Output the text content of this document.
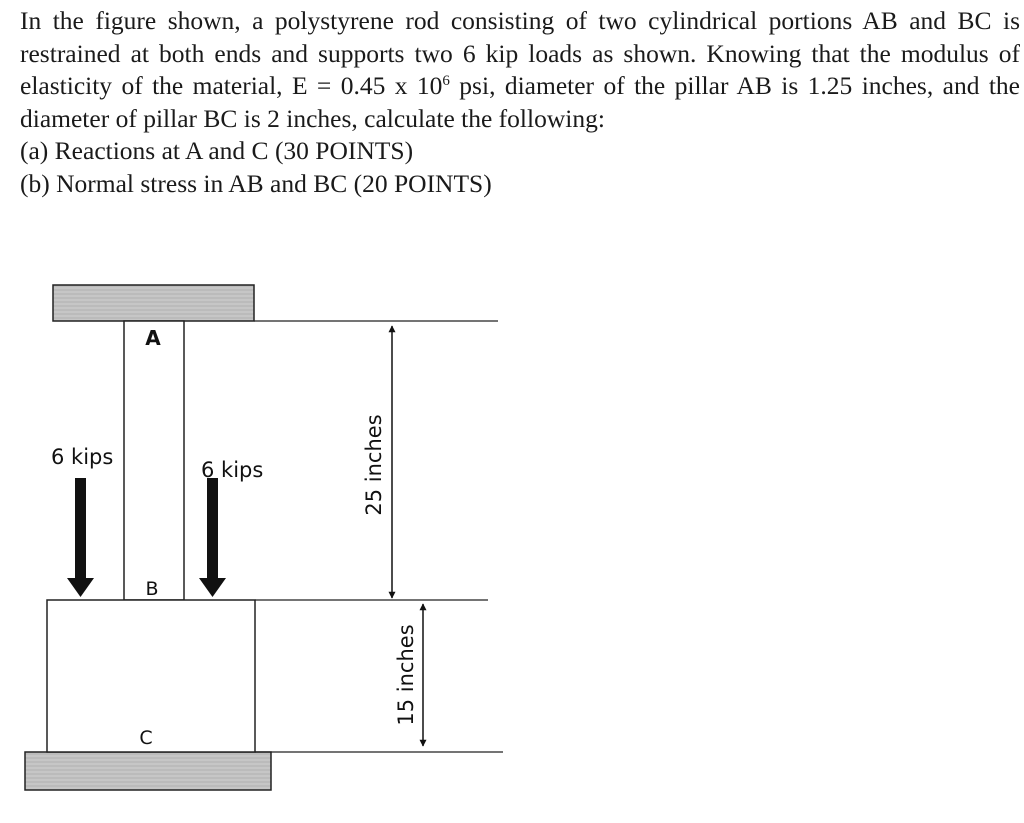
In the figure shown, a polystyrene rod consisting of two cylindrical portions AB and BC is restrained at both ends and supports two 6 kip loads as shown. Knowing that the modulus of elasticity of the material, E = 0.45 x $10^6$ psi, diameter of the pillar AB is 1.25 inches, and the diameter of pillar BC is 2 inches, calculate the following:

(a) Reactions at A and C (30 POINTS)

(b) Normal stress in AB and BC (20 POINTS)

A
B
C
6 kips
6 kips	25 inches
15 inches
